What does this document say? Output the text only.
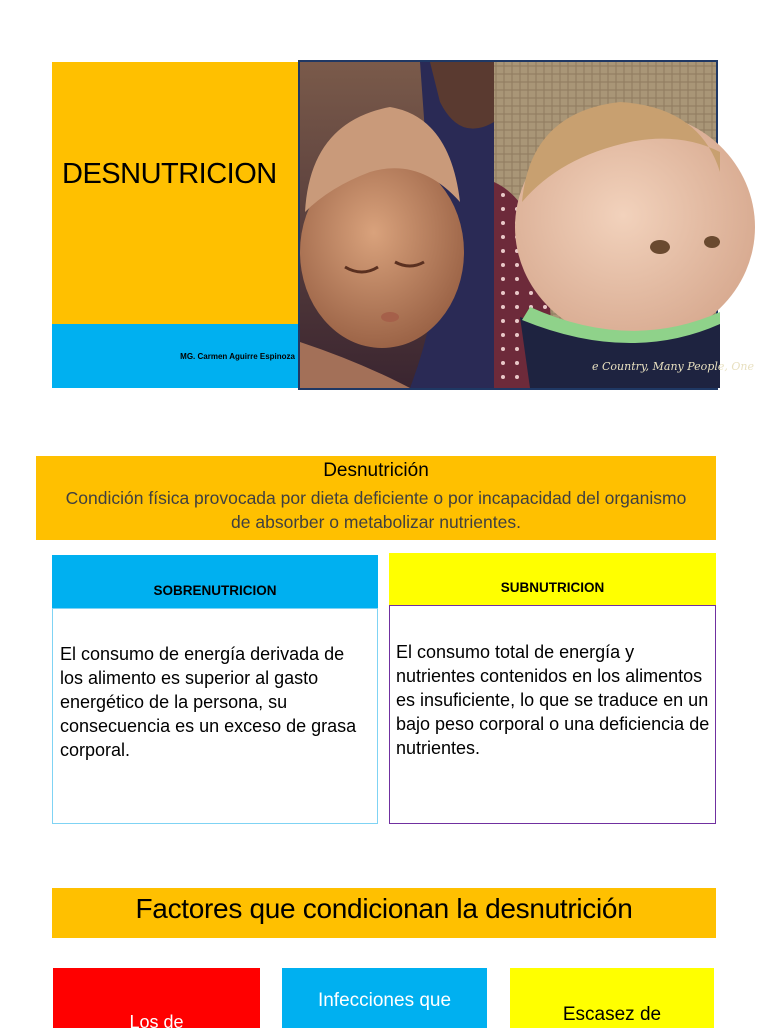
DESNUTRICION
MG. Carmen Aguirre Espinoza
e Country, Many People, One
Desnutrición
Condición física provocada por dieta deficiente o por incapacidad del organismo de absorber o metabolizar nutrientes.
SOBRENUTRICION
El consumo de energía derivada de los alimento es superior al gasto energético de la persona, su consecuencia es un exceso de grasa corporal.
SUBNUTRICION
El consumo total de energía y nutrientes contenidos en los alimentos es insuficiente, lo que se traduce en un bajo peso corporal o una deficiencia de nutrientes.
Factores que condicionan la desnutrición
Los de
Infecciones que
Escasez de
